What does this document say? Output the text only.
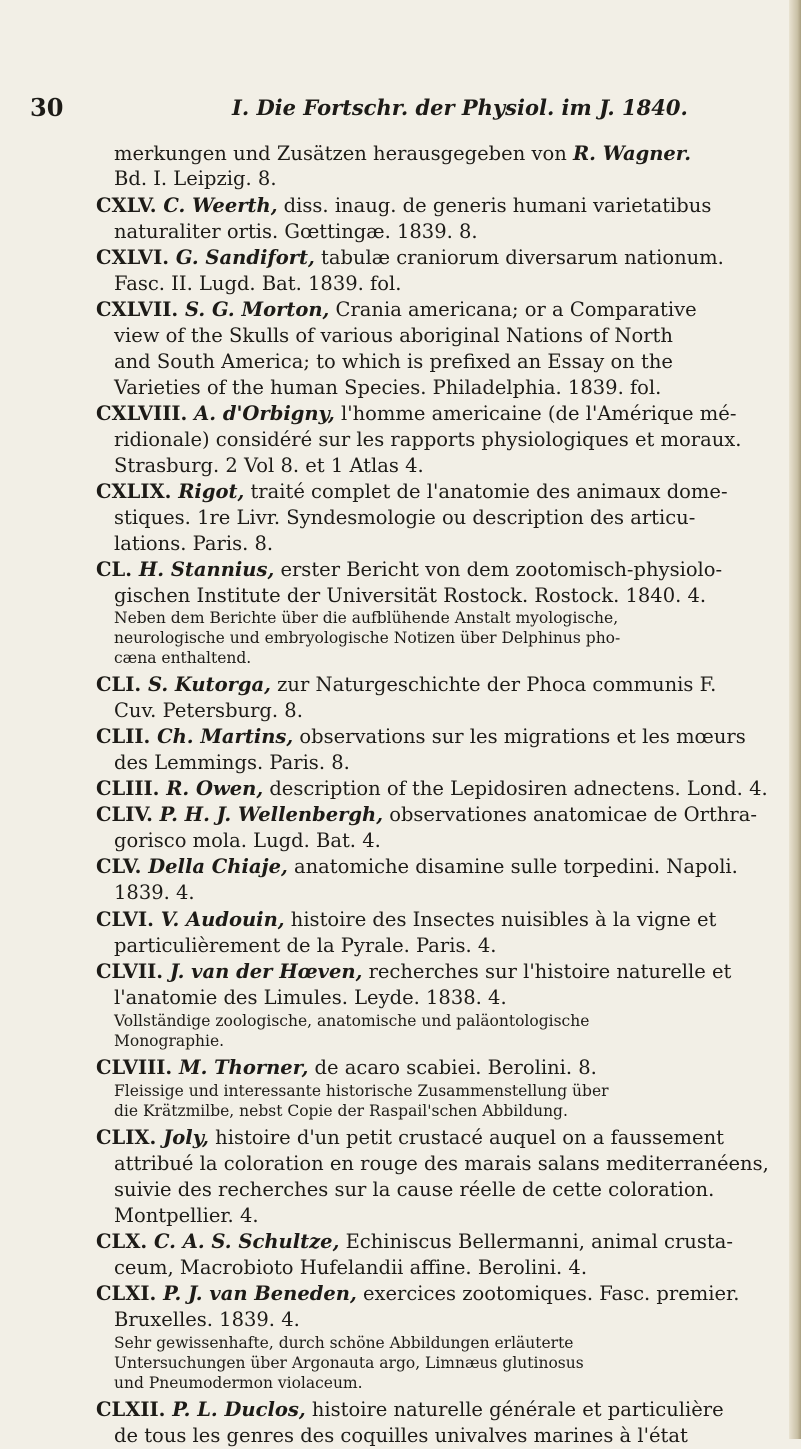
30	I. Die Fortschr. der Physiol. im J. 1840.
merkungen und Zusätzen herausgegeben von R. Wagner.
Bd. I. Leipzig. 8.
CXLV. C. Weerth, diss. inaug. de generis humani varietatibus
naturaliter ortis. Gœttingæ. 1839. 8.
CXLVI. G. Sandifort, tabulæ craniorum diversarum nationum.
Fasc. II. Lugd. Bat. 1839. fol.
CXLVII. S. G. Morton, Crania americana; or a Comparative
view of the Skulls of various aboriginal Nations of North
and South America; to which is prefixed an Essay on the
Varieties of the human Species. Philadelphia. 1839. fol.
CXLVIII. A. d'Orbigny, l'homme americaine (de l'Amérique mé-
ridionale) considéré sur les rapports physiologiques et moraux.
Strasburg. 2 Vol 8. et 1 Atlas 4.
CXLIX. Rigot, traité complet de l'anatomie des animaux dome-
stiques. 1re Livr. Syndesmologie ou description des articu-
lations. Paris. 8.
CL. H. Stannius, erster Bericht von dem zootomisch-physiolo-
gischen Institute der Universität Rostock. Rostock. 1840. 4.
Neben dem Berichte über die aufblühende Anstalt myologische,
neurologische und embryologische Notizen über Delphinus pho-
cæna enthaltend.
CLI. S. Kutorga, zur Naturgeschichte der Phoca communis F.
Cuv. Petersburg. 8.
CLII. Ch. Martins, observations sur les migrations et les mœurs
des Lemmings. Paris. 8.
CLIII. R. Owen, description of the Lepidosiren adnectens. Lond. 4.
CLIV. P. H. J. Wellenbergh, observationes anatomicae de Orthra-
gorisco mola. Lugd. Bat. 4.
CLV. Della Chiaje, anatomiche disamine sulle torpedini. Napoli.
1839. 4.
CLVI. V. Audouin, histoire des Insectes nuisibles à la vigne et
particulièrement de la Pyrale. Paris. 4.
CLVII. J. van der Hœven, recherches sur l'histoire naturelle et
l'anatomie des Limules. Leyde. 1838. 4.
Vollständige zoologische, anatomische und paläontologische
Monographie.
CLVIII. M. Thorner, de acaro scabiei. Berolini. 8.
Fleissige und interessante historische Zusammenstellung über
die Krätzmilbe, nebst Copie der Raspail'schen Abbildung.
CLIX. Joly, histoire d'un petit crustacé auquel on a faussement
attribué la coloration en rouge des marais salans mediterranéens,
suivie des recherches sur la cause réelle de cette coloration.
Montpellier. 4.
CLX. C. A. S. Schultze, Echiniscus Bellermanni, animal crusta-
ceum, Macrobioto Hufelandii affine. Berolini. 4.
CLXI. P. J. van Beneden, exercices zootomiques. Fasc. premier.
Bruxelles. 1839. 4.
Sehr gewissenhafte, durch schöne Abbildungen erläuterte
Untersuchungen über Argonauta argo, Limnæus glutinosus
und Pneumodermon violaceum.
CLXII. P. L. Duclos, histoire naturelle générale et particulière
de tous les genres des coquilles univalves marines à l'état
